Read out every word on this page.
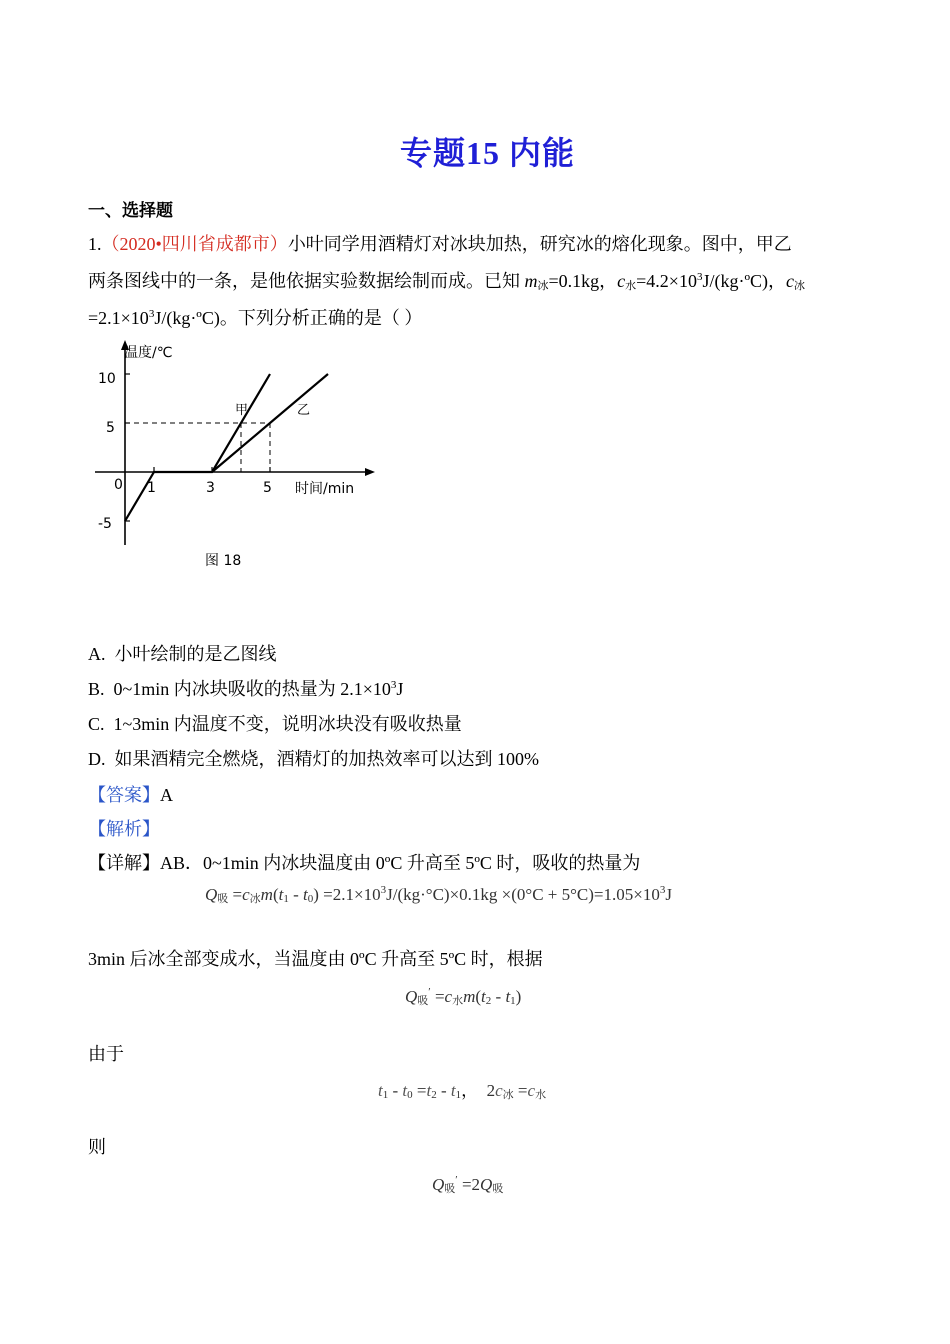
专题15 内能
一、选择题
1.（2020•四川省成都市）小叶同学用酒精灯对冰块加热，研究冰的熔化现象。图中，甲乙
两条图线中的一条，是他依据实验数据绘制而成。已知 m冰=0.1kg，c水$=4.2\times 10^3J/(kg\cdot ºC)$，c冰
$=2.1\times 10^3J/(kg\cdot ºC)$。下列分析正确的是（ ）
温度/℃
时间/min
10
5
0
-5
1	3	5
甲	乙
图 18
A. 小叶绘制的是乙图线
B. 0~1min 内冰块吸收的热量为 $2.1\times 10^3J$
C. 1~3min 内温度不变，说明冰块没有吸收热量
D. 如果酒精完全燃烧，酒精灯的加热效率可以达到 100%
【答案】A
【解析】
【详解】AB．0~1min 内冰块温度由 0ºC 升高至 5ºC 时，吸收的热量为
Q吸 =c冰$m(t1 - t0) =2.1\times 10^3J/(kg\cdot^\circ C)\times 0.1kg \times(0^\circ C + 5^\circ C)=1.05\times 10^3J$
3min 后冰全部变成水，当温度由 0ºC 升高至 5ºC 时，根据
Q吸′ =c水m(t2 - t1)
由于
t1 - t0 =t2 - t1，  2c冰 =c水
则
Q吸′ =2Q吸
